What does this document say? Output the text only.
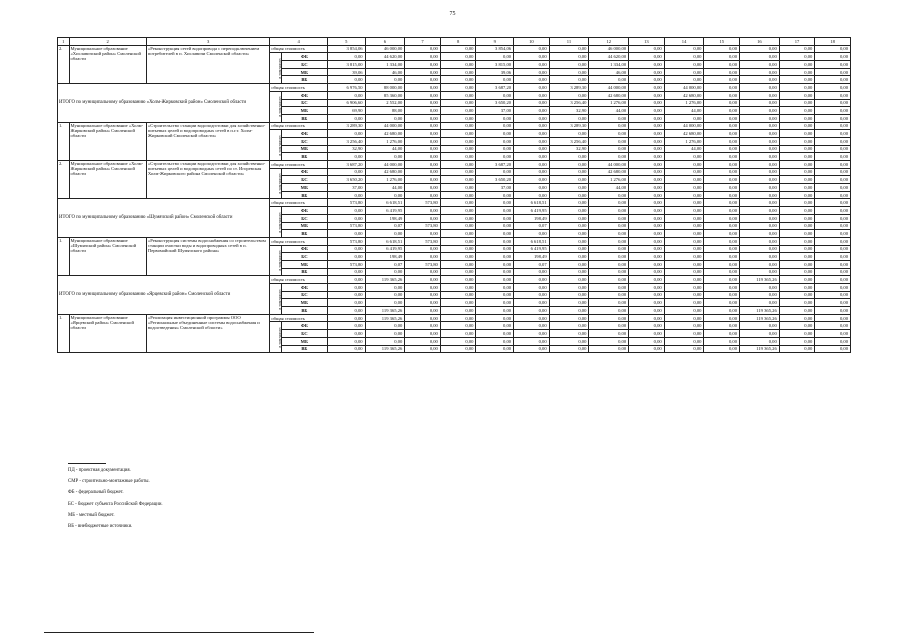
75
1	2	3	4		5	6	7	8	9	10	11	12	13	14	15	16	17	18
2.	Муниципальное образование «Хиславичский район» Смоленской области	«Реконструкция сетей водопровода с переподключением потребителей в п. Хиславичи Смоленской области»	общая стоимость		3 854,06	46 000,00	0,00	0,00	3 854,06	0,00	0,00	46 000,00	0,00	0,00	0,00	0,00	0,00	0,00
			в том числе:	ФБ	0,00	44 620,00	0,00	0,00	0,00	0,00	0,00	44 620,00	0,00	0,00	0,00	0,00	0,00	0,00
				БС	3 815,00	1 334,00	0,00	0,00	3 815,00	0,00	0,00	1 334,00	0,00	0,00	0,00	0,00	0,00	0,00
				МБ	39,06	46,00	0,00	0,00	39,06	0,00	0,00	46,00	0,00	0,00	0,00	0,00	0,00	0,00
				ВБ	0,00	0,00	0,00	0,00	0,00	0,00	0,00	0,00	0,00	0,00	0,00	0,00	0,00	0,00
ИТОГО по муниципальному образованию «Холм-Жирковский район» Смоленской области			общая стоимость		6 976,50	88 000,00	0,00	0,00	3 687,20	0,00	3 289,30	44 000,00	0,00	44 000,00	0,00	0,00	0,00	0,00
			в том числе:	ФБ	0,00	85 360,00	0,00	0,00	0,00	0,00	0,00	42 680,00	0,00	42 680,00	0,00	0,00	0,00	0,00
				БС	6 906,60	2 552,00	0,00	0,00	3 650,20	0,00	3 256,40	1 276,00	0,00	1 276,00	0,00	0,00	0,00	0,00
				МБ	69,90	88,00	0,00	0,00	37,00	0,00	32,90	44,00	0,00	44,00	0,00	0,00	0,00	0,00
				ВБ	0,00	0,00	0,00	0,00	0,00	0,00	0,00	0,00	0,00	0,00	0,00	0,00	0,00	0,00
1.	Муниципальное образование «Холм-Жирковский район» Смоленской области	«Строительство станции водоподготовки для хозяйственно-питьевых целей и водопроводных сетей в п.г.т. Холм-Жирковский Смоленской области»	общая стоимость		3 289,30	44 000,00	0,00	0,00	0,00	0,00	3 289,30	0,00	0,00	44 000,00	0,00	0,00	0,00	0,00
			в том числе:	ФБ	0,00	42 680,00	0,00	0,00	0,00	0,00	0,00	0,00	0,00	42 680,00	0,00	0,00	0,00	0,00
				БС	3 256,40	1 276,00	0,00	0,00	0,00	0,00	3 256,40	0,00	0,00	1 276,00	0,00	0,00	0,00	0,00
				МБ	32,90	44,00	0,00	0,00	0,00	0,00	32,90	0,00	0,00	44,00	0,00	0,00	0,00	0,00
				ВБ	0,00	0,00	0,00	0,00	0,00	0,00	0,00	0,00	0,00	0,00	0,00	0,00	0,00	0,00
2.	Муниципальное образование «Холм-Жирковский район» Смоленской области	«Строительство станции водоподготовки для хозяйственно-питьевых целей и водопроводных сетей по ст. Игоревская Холм-Жирковского района Смоленской области»	общая стоимость		3 687,20	44 000,00	0,00	0,00	3 687,20	0,00	0,00	44 000,00	0,00	0,00	0,00	0,00	0,00	0,00
			в том числе:	ФБ	0,00	42 680,00	0,00	0,00	0,00	0,00	0,00	42 680,00	0,00	0,00	0,00	0,00	0,00	0,00
				БС	3 650,20	1 276,00	0,00	0,00	3 650,20	0,00	0,00	1 276,00	0,00	0,00	0,00	0,00	0,00	0,00
				МБ	37,00	44,00	0,00	0,00	37,00	0,00	0,00	44,00	0,00	0,00	0,00	0,00	0,00	0,00
				ВБ	0,00	0,00	0,00	0,00	0,00	0,00	0,00	0,00	0,00	0,00	0,00	0,00	0,00	0,00
ИТОГО по муниципальному образованию «Шумячский район» Смоленской области			общая стоимость		573,80	6 618,51	573,80	0,00	0,00	6 618,51	0,00	0,00	0,00	0,00	0,00	0,00	0,00	0,00
			в том числе:	ФБ	0,00	6 419,95	0,00	0,00	0,00	6 419,95	0,00	0,00	0,00	0,00	0,00	0,00	0,00	0,00
				БС	0,00	198,49	0,00	0,00	0,00	198,49	0,00	0,00	0,00	0,00	0,00	0,00	0,00	0,00
				МБ	573,80	0,07	573,80	0,00	0,00	0,07	0,00	0,00	0,00	0,00	0,00	0,00	0,00	0,00
				ВБ	0,00	0,00	0,00	0,00	0,00	0,00	0,00	0,00	0,00	0,00	0,00	0,00	0,00	0,00
1.	Муниципальное образование «Шумячский район» Смоленской области	«Реконструкция системы водоснабжения со строительством станции очистки воды и водопроводных сетей в п. Первомайский Шумячского района»	общая стоимость		573,80	6 618,51	573,80	0,00	0,00	6 618,51	0,00	0,00	0,00	0,00	0,00	0,00	0,00	0,00
			в том числе:	ФБ	0,00	6 419,95	0,00	0,00	0,00	6 419,95	0,00	0,00	0,00	0,00	0,00	0,00	0,00	0,00
				БС	0,00	198,49	0,00	0,00	0,00	198,49	0,00	0,00	0,00	0,00	0,00	0,00	0,00	0,00
				МБ	573,80	0,07	573,80	0,00	0,00	0,07	0,00	0,00	0,00	0,00	0,00	0,00	0,00	0,00
				ВБ	0,00	0,00	0,00	0,00	0,00	0,00	0,00	0,00	0,00	0,00	0,00	0,00	0,00	0,00
ИТОГО по муниципальному образованию «Ярцевский район» Смоленской области			общая стоимость		0,00	119 365,26	0,00	0,00	0,00	0,00	0,00	0,00	0,00	0,00	0,00	119 365,26	0,00	0,00
			в том числе:	ФБ	0,00	0,00	0,00	0,00	0,00	0,00	0,00	0,00	0,00	0,00	0,00	0,00	0,00	0,00
				БС	0,00	0,00	0,00	0,00	0,00	0,00	0,00	0,00	0,00	0,00	0,00	0,00	0,00	0,00
				МБ	0,00	0,00	0,00	0,00	0,00	0,00	0,00	0,00	0,00	0,00	0,00	0,00	0,00	0,00
				ВБ	0,00	119 365,26	0,00	0,00	0,00	0,00	0,00	0,00	0,00	0,00	0,00	119 365,26	0,00	0,00
1.	Муниципальное образование «Ярцевский район» Смоленской области	«Реализация инвестиционной программы ООО «Региональные объединенные системы водоснабжения и водоотведения» Смоленской области»	общая стоимость		0,00	119 365,26	0,00	0,00	0,00	0,00	0,00	0,00	0,00	0,00	0,00	119 365,26	0,00	0,00
			в том числе:	ФБ	0,00	0,00	0,00	0,00	0,00	0,00	0,00	0,00	0,00	0,00	0,00	0,00	0,00	0,00
				БС	0,00	0,00	0,00	0,00	0,00	0,00	0,00	0,00	0,00	0,00	0,00	0,00	0,00	0,00
				МБ	0,00	0,00	0,00	0,00	0,00	0,00	0,00	0,00	0,00	0,00	0,00	0,00	0,00	0,00
				ВБ	0,00	119 365,26	0,00	0,00	0,00	0,00	0,00	0,00	0,00	0,00	0,00	119 365,26	0,00	0,00
ПД - проектная документация.
СМР - строительно-монтажные работы.
ФБ - федеральный бюджет.
БС - бюджет субъекта Российской Федерации.
МБ - местный бюджет.
ВБ - внебюджетные источники.
